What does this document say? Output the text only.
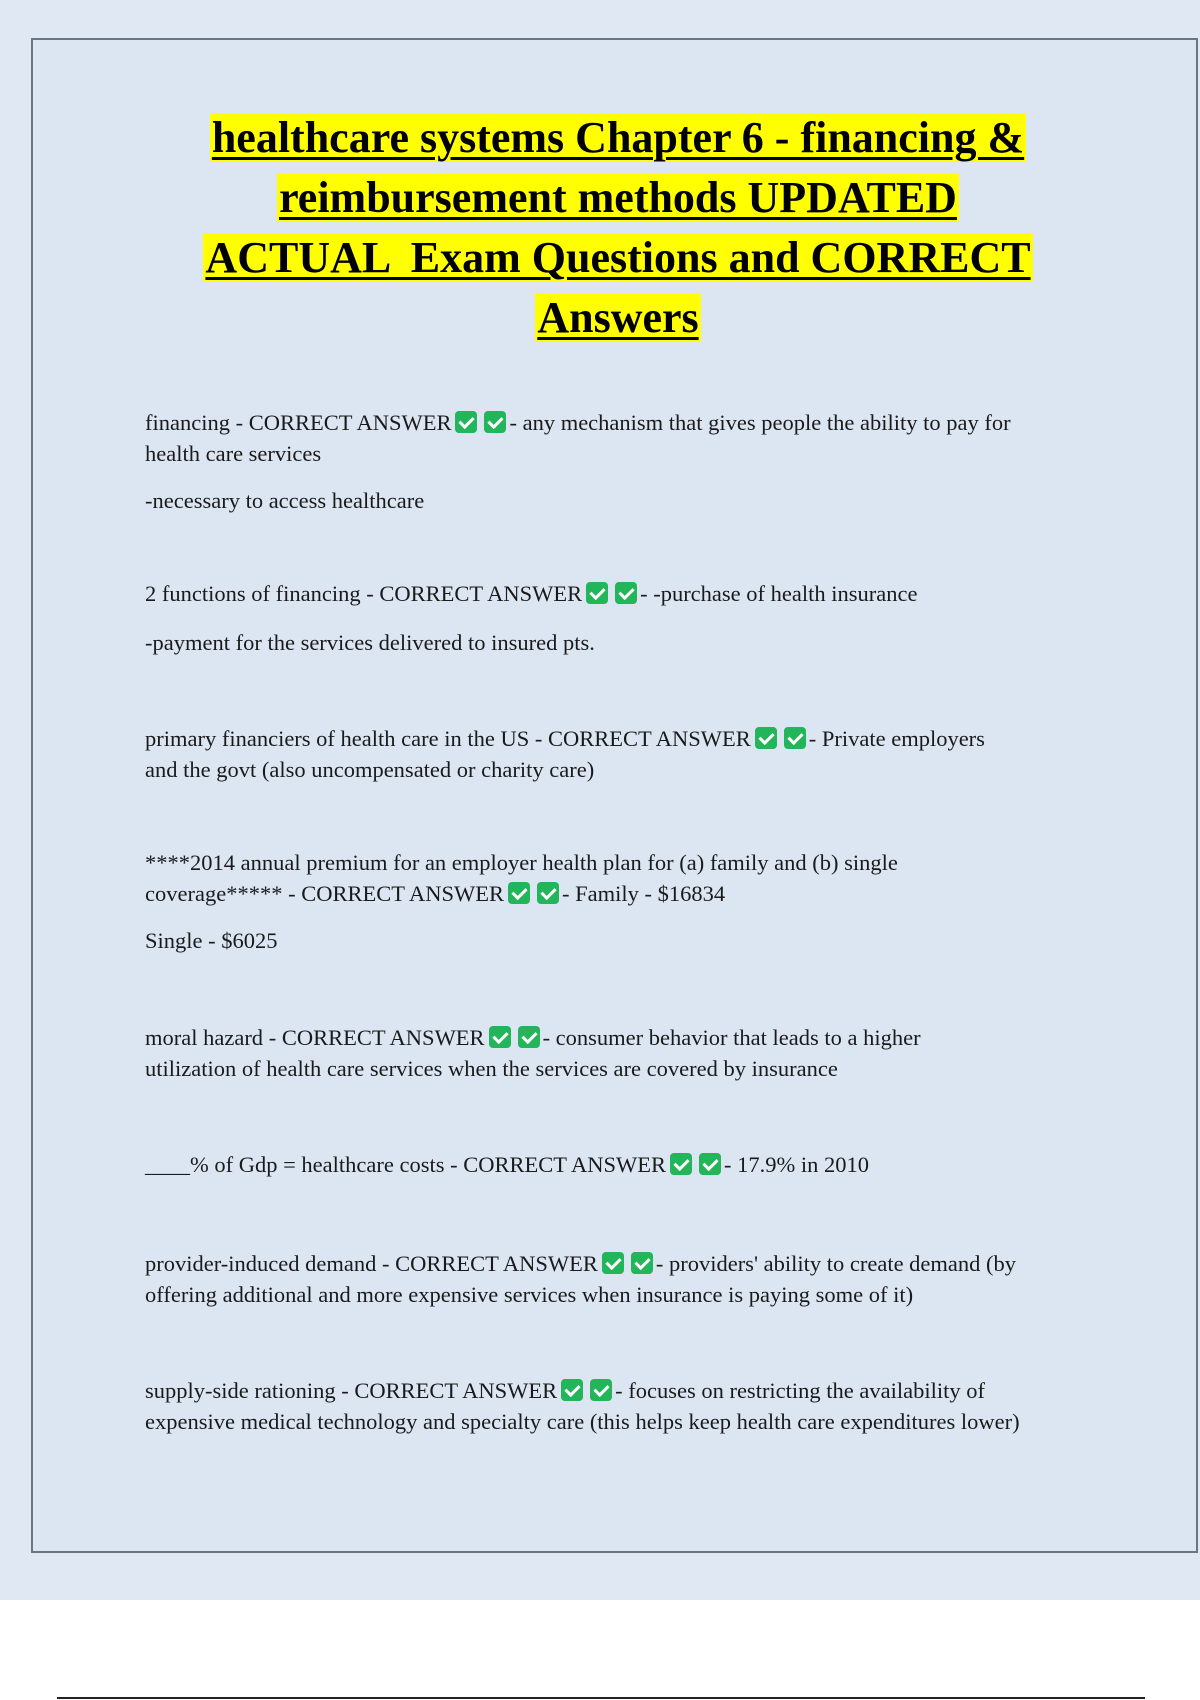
healthcare systems Chapter 6 - financing &
reimbursement methods UPDATED
ACTUAL  Exam Questions and CORRECT
Answers
financing - CORRECT ANSWER	- any mechanism that gives people the ability to pay for
health care services
-necessary to access healthcare
2 functions of financing - CORRECT ANSWER	- -purchase of health insurance
-payment for the services delivered to insured pts.
primary financiers of health care in the US - CORRECT ANSWER	- Private employers
and the govt (also uncompensated or charity care)
****2014 annual premium for an employer health plan for (a) family and (b) single
coverage***** - CORRECT ANSWER	- Family - $16834
Single - $6025
moral hazard - CORRECT ANSWER	- consumer behavior that leads to a higher
utilization of health care services when the services are covered by insurance
____% of Gdp = healthcare costs - CORRECT ANSWER	- 17.9% in 2010
provider-induced demand - CORRECT ANSWER	- providers' ability to create demand (by
offering additional and more expensive services when insurance is paying some of it)
supply-side rationing - CORRECT ANSWER	- focuses on restricting the availability of
expensive medical technology and specialty care (this helps keep health care expenditures lower)
